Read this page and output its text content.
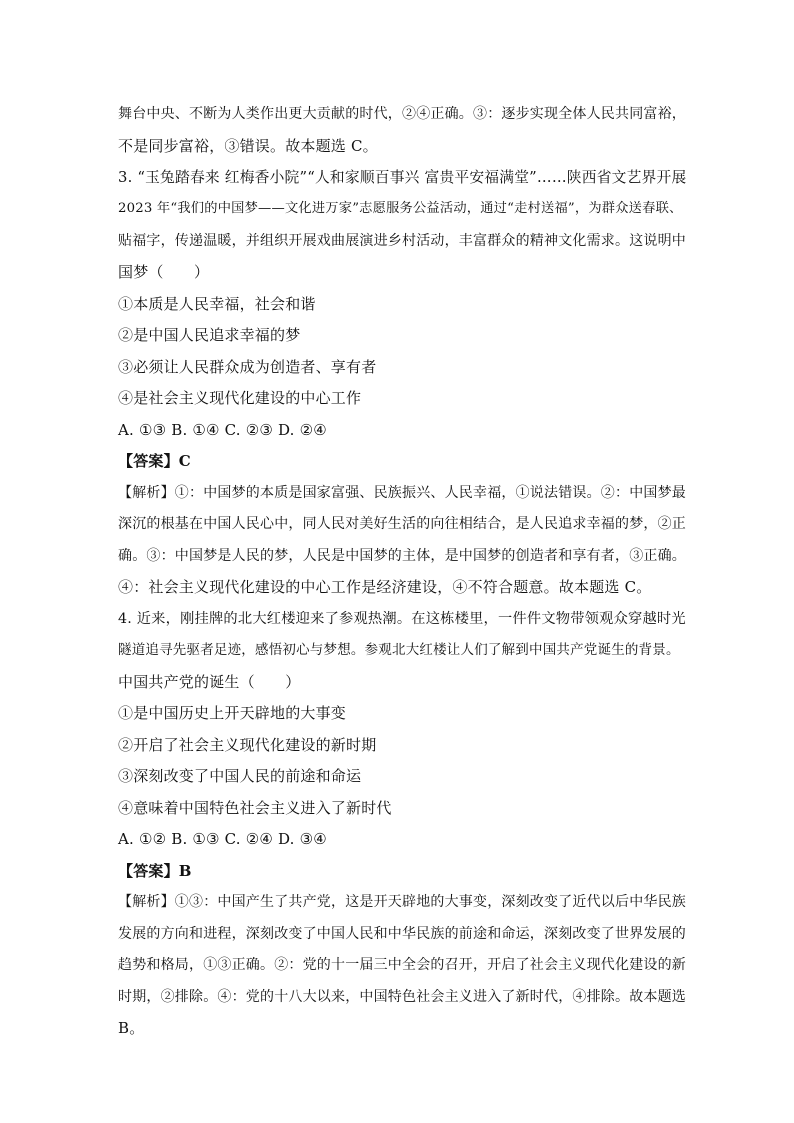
舞台中央、不断为人类作出更大贡献的时代，②④正确。③：逐步实现全体人民共同富裕，
不是同步富裕，③错误。故本题选 C。
3. “玉兔踏春来 红梅香小院”“人和家顺百事兴 富贵平安福满堂”……陕西省文艺界开展
2023 年“我们的中国梦——文化进万家”志愿服务公益活动，通过“走村送福”，为群众送春联、
贴福字，传递温暖，并组织开展戏曲展演进乡村活动，丰富群众的精神文化需求。这说明中
国梦（　　）
①本质是人民幸福，社会和谐
②是中国人民追求幸福的梦
③必须让人民群众成为创造者、享有者
④是社会主义现代化建设的中心工作
A. ①③ B. ①④ C. ②③ D. ②④
【答案】C
【解析】①：中国梦的本质是国家富强、民族振兴、人民幸福，①说法错误。②：中国梦最
深沉的根基在中国人民心中，同人民对美好生活的向往相结合，是人民追求幸福的梦，②正
确。③：中国梦是人民的梦，人民是中国梦的主体，是中国梦的创造者和享有者，③正确。
④：社会主义现代化建设的中心工作是经济建设，④不符合题意。故本题选 C。
4. 近来，刚挂牌的北大红楼迎来了参观热潮。在这栋楼里，一件件文物带领观众穿越时光
隧道追寻先驱者足迹，感悟初心与梦想。参观北大红楼让人们了解到中国共产党诞生的背景。
中国共产党的诞生（　　）
①是中国历史上开天辟地的大事变
②开启了社会主义现代化建设的新时期
③深刻改变了中国人民的前途和命运
④意味着中国特色社会主义进入了新时代
A. ①② B. ①③ C. ②④ D. ③④
【答案】B
【解析】①③：中国产生了共产党，这是开天辟地的大事变，深刻改变了近代以后中华民族
发展的方向和进程，深刻改变了中国人民和中华民族的前途和命运，深刻改变了世界发展的
趋势和格局，①③正确。②：党的十一届三中全会的召开，开启了社会主义现代化建设的新
时期，②排除。④：党的十八大以来，中国特色社会主义进入了新时代，④排除。故本题选
B。
